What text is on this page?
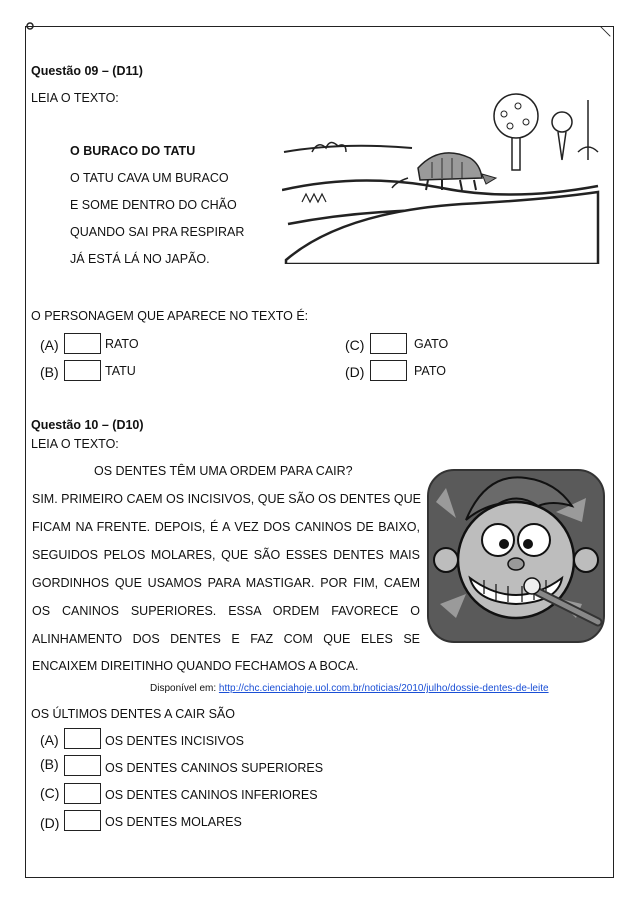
Questão 09 – (D11)
LEIA O TEXTO:
O BURACO DO TATU
O TATU CAVA UM BURACO
E SOME DENTRO DO CHÃO
QUANDO SAI PRA RESPIRAR
JÁ ESTÁ LÁ NO JAPÃO.
O PERSONAGEM QUE APARECE NO TEXTO É:
(A)	RATO
(B)	TATU
(C)	GATO
(D)	PATO
Questão 10 – (D10)
LEIA O TEXTO:
OS DENTES TÊM UMA ORDEM PARA CAIR?
SIM. PRIMEIRO CAEM OS INCISIVOS, QUE SÃO OS DENTES QUE
FICAM NA FRENTE. DEPOIS, É A VEZ DOS CANINOS DE BAIXO,
SEGUIDOS PELOS MOLARES, QUE SÃO ESSES DENTES MAIS
GORDINHOS QUE USAMOS PARA MASTIGAR. POR FIM, CAEM
OS CANINOS SUPERIORES. ESSA ORDEM FAVORECE O
ALINHAMENTO DOS DENTES E FAZ COM QUE ELES SE
ENCAIXEM DIREITINHO QUANDO FECHAMOS A BOCA.
Disponível em: http://chc.cienciahoje.uol.com.br/noticias/2010/julho/dossie-dentes-de-leite
OS ÚLTIMOS DENTES A CAIR SÃO
(A)	OS DENTES INCISIVOS
(B)	OS DENTES CANINOS SUPERIORES
(C)	OS DENTES CANINOS INFERIORES
(D)	OS DENTES MOLARES
